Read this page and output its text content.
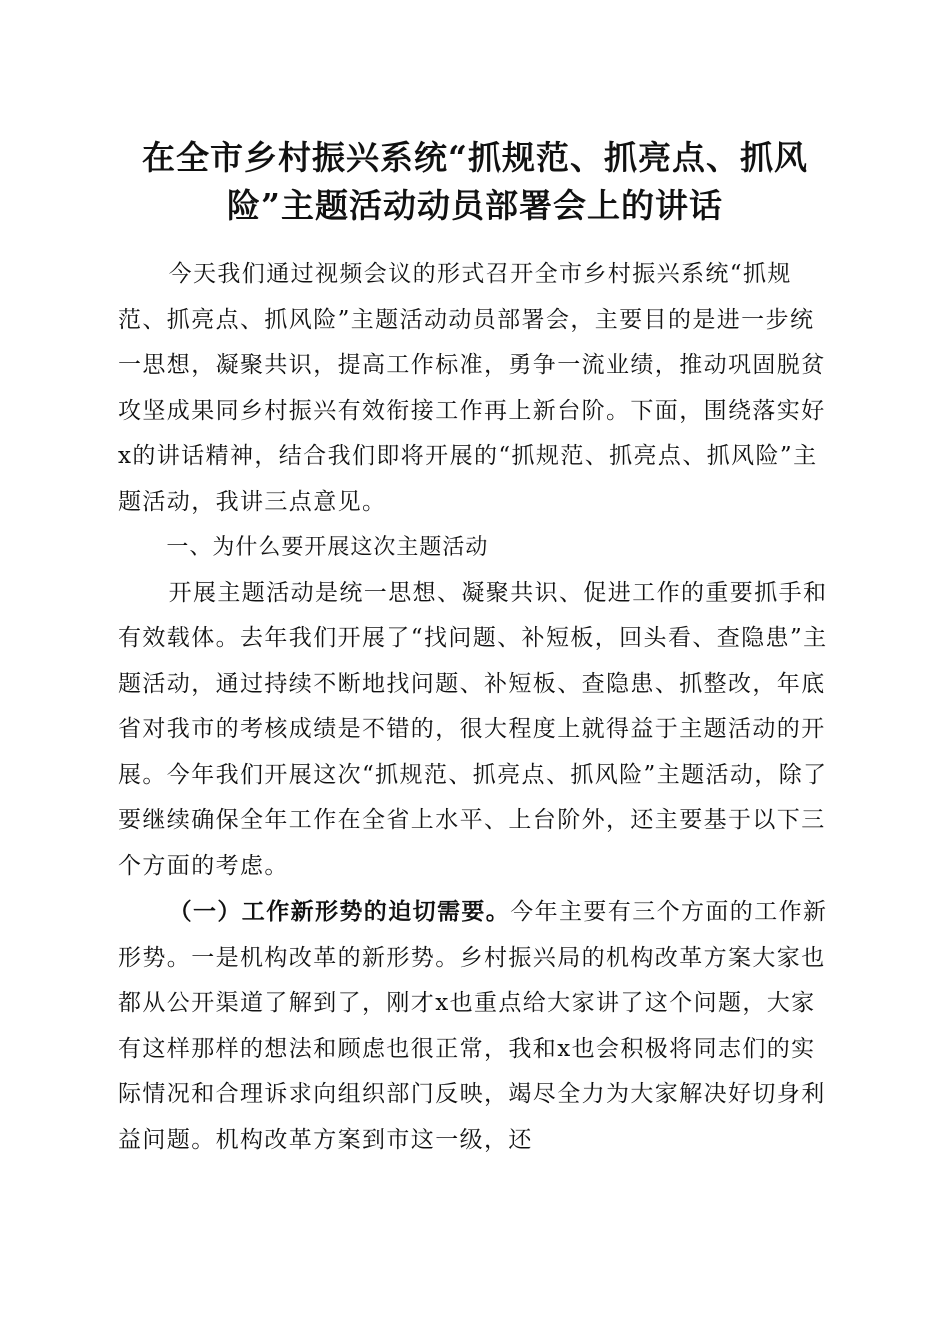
在全市乡村振兴系统“抓规范、抓亮点、抓风
险”主题活动动员部署会上的讲话

今天我们通过视频会议的形式召开全市乡村振兴系统“抓规范、抓亮点、抓风险”主题活动动员部署会，主要目的是进一步统一思想，凝聚共识，提高工作标准，勇争一流业绩，推动巩固脱贫攻坚成果同乡村振兴有效衔接工作再上新台阶。下面，围绕落实好x的讲话精神，结合我们即将开展的“抓规范、抓亮点、抓风险”主题活动，我讲三点意见。

一、为什么要开展这次主题活动

开展主题活动是统一思想、凝聚共识、促进工作的重要抓手和有效载体。去年我们开展了“找问题、补短板，回头看、查隐患”主题活动，通过持续不断地找问题、补短板、查隐患、抓整改，年底省对我市的考核成绩是不错的，很大程度上就得益于主题活动的开展。今年我们开展这次“抓规范、抓亮点、抓风险”主题活动，除了要继续确保全年工作在全省上水平、上台阶外，还主要基于以下三个方面的考虑。

（一）工作新形势的迫切需要。今年主要有三个方面的工作新形势。一是机构改革的新形势。乡村振兴局的机构改革方案大家也都从公开渠道了解到了，刚才x也重点给大家讲了这个问题，大家有这样那样的想法和顾虑也很正常，我和x也会积极将同志们的实际情况和合理诉求向组织部门反映，竭尽全力为大家解决好切身利益问题。机构改革方案到市这一级，还
